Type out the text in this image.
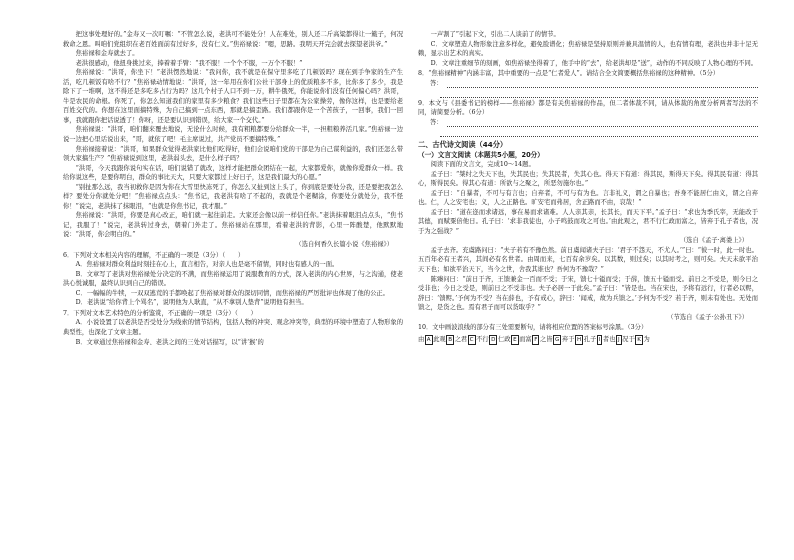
把这事处理好的。”金寿又一次叮嘱：“不管怎么说，老洪可不能处分！人在难处，别人还二斤高粱都得让一簸子，何况救命之恩。叫咱们党组织在老百姓面前有过好多，没有仁义。”焦裕禄说：“嗯，思路。我明天开完会就去探望老洪爷。”

焦裕禄和金寿就去了。

老洪很感动，他扭身挑过来，捧着着手臂：“我不服！一个个不服，一万个不服！”

焦裕禄说：“洪哥，你坐下！”老洪愣然地说：“我问你，我不就是在保守里多吃了几顿饭吗？现在到手争家的生产生活，吃几顿饭有啥不行？”焦裕禄动情地说：“洪哥，这一年用在你们公社干部身上的优质粮多不多，比你多了多少，我是除下了一堆啊，这不得还是多吃多占行为吗？这几个村子人口不到一万，耕牛俄死，你能说你们没有任何偏心吗？洪哥，牛是农民的命根。你死了，你怎么知道我们的家里有多少粮食？我们这些日子里都在为公家操劳，像你这样，也是要给老百姓交代的。你想在这里面搞特殊，为自己搞到一点东西，那就是搞歪路。我们都跟你是一个苦孩子，一回事，我们一回事，我就跟你把话说透了！你呀，还是要认识到错误，给大家一个交代。”

焦裕禄说：“洪哥，咱们翻来覆去地说，无论什么时候，我有粗粮都要分给群众一半，一担粗粮养活几家。”焦裕禄一边说一边把心里话说出来，“哥，就依了吧！毛主席说过，共产党员不要搞特殊。”

焦裕禄接着说：“洪哥，如果群众觉得老洪家比他们吃得好，他们会说咱们党的干部是为自己谋利益的，我们还怎么带领大家搞生产？”焦裕禄说到这里，老洪弱头去，是什么样子吗？

“洪哥，今天我跟你说句实在话，咱们说错了就改，这样才能把群众团结在一起，大家都爱你，就像你爱群众一样。我给你说这些，是要你明白，群众的事比天大，只要大家都过上好日子，这是我们最大的心愿。”

“别扯那么远，我当初救你是因为你在大雪里快冻死了，你怎么又扯到这上头了，你到底是要处分我，还是要把我怎么样？要处分你就处分吧！”焦裕禄点点头：“焦书记，我老洪有啥了不起的，我就是个老糊涂，你要处分就处分，我不怪你！”说完，老洪抹了抹眼泪，“也就是你焦书记，我才服。”

焦裕禄说：“洪哥，你要是真心改正，咱们就一起往前走。大家还会像以前一样信任你。”老洪抹着眼泪点点头，“焦书记，我服了！”说完，老洪转过身去，朝着门外走了。焦裕禄站在那里，看着老洪的背影，心里一阵酸楚，他默默地说：“洪哥，你会明白的。”

（选自何香久长篇小说《焦裕禄》）

6．下列对文本相关内容的理解，不正确的一项是（3分）（　　）

A．焦裕禄对群众利益时刻挂在心上，直言相告，对亲人也是毫不留情，同时也有感人的一面。

B．文章写了老洪对焦裕禄处分决定的不满，而焦裕禄运用了说服教育的方式，深入老洪的内心世界，与之沟通，使老洪心悦诚服，最终认识到自己的错误。

C．一幅幅的牛犊，一双双逃荒的手都唤起了焦裕禄对群众的深切同情，而焦裕禄的严厉批评也体现了他的公正。

D．老洪说“给你背上个骂名”，说明他为人耿直，“从不拿别人垫背”说明他有担当。

7．下列对文本艺术特色的分析鉴赏，不正确的一项是（3分）（　　）

A．小说设置了以老洪是否受处分为线索的情节结构，包括人物的冲突、观念冲突等，典型的环境中塑造了人物形象的典型性，也深化了文章主题。

B．文章通过焦裕禄和金寿、老洪之间的三处对话描写，以“讲‘猴’的

一声割了”引起下文，引出二人谈前了的情节。

C．文章塑造人物形象注意多样化，避免脸谱化；焦裕禄是坚持原则并兼具温情的人，也有情有理，老洪也并非十足无赖，显示出艺术的真实。

D．文章注重细节的刻画，如焦裕禄坐得着了，他手中的“去”，给老洪却是“送”，动作的不同反映了人物心理的不同。

8．“焦裕禄精神”内涵丰富，其中重要的一点是“仁者爱人”。请结合全文简要概括焦裕禄的这种精神。（5分）

答：

9．本文与《县委书记的榜样——焦裕禄》都是有关焦裕禄的作品，但二者体裁不同，请从体裁的角度分析两者写法的不同，请简要分析。（6分）

答：

二、古代诗文阅读（44分）

（一）文言文阅读（本题共5小题，20分）

阅读下面的文言文，完成10～14题。

孟子曰：“桀纣之失天下也，失其民也；失其民者，失其心也。得天下有道：得其民，斯得天下矣。得其民有道：得其心，斯得民矣。得其心有道：所欲与之聚之，所恶勿施尔也。”

孟子曰：“自暴者，不可与有言也；自弃者，不可与有为也。言非礼义，谓之自暴也；吾身不能居仁由义，谓之自弃也。仁，人之安宅也；义，人之正路也。旷安宅而弗居，舍正路而不由，哀哉！”

孟子曰：“道在迩而求诸远，事在易而求诸难。人人亲其亲，长其长，而天下平。”孟子曰：“求也为季氏宰，无能改于其德，而赋粟倍他日。孔子曰：‘求非我徒也，小子鸣鼓而攻之可也。’由此观之，君不行仁政而富之，皆弃于孔子者也，况于为之强战？”

（选自《孟子·离娄上》）

孟子去齐。充虞路问曰：“夫子若有不豫色然。前日虞闻诸夫子曰：‘君子不怨天，不尤人。’”曰：“彼一时，此一时也。五百年必有王者兴，其间必有名世者。由周而来，七百有余岁矣。以其数，则过矣；以其时考之，则可矣。夫天未欲平治天下也；如欲平治天下，当今之世，舍我其谁也？吾何为不豫哉？”

陈臻问曰：“前日于齐，王馈兼金一百而不受；于宋，馈七十镒而受；于薛，馈五十镒而受。前日之不受是，则今日之受非也；今日之受是，则前日之不受非也。夫子必居一于此矣。”孟子曰：“皆是也。当在宋也，予将有远行，行者必以赆，辞曰：‘馈赆。’予何为不受？当在薛也，予有戒心，辞曰：‘闻戒，故为兵馈之。’予何为不受？若于齐，则未有处也。无处而馈之，是货之也。焉有君子而可以货取乎？”

（节选自《孟子·公孙丑下》）

10．文中画波浪线的部分有三处需要断句，请将相应位置的答案标号涂黑。（3分）

由 A 此 观 B 之 君 C 不 行 D 仁 政 E 而 富 F 之 皆 G 弃 于 H 孔 子 I 者 也 J 况 于 K 为
